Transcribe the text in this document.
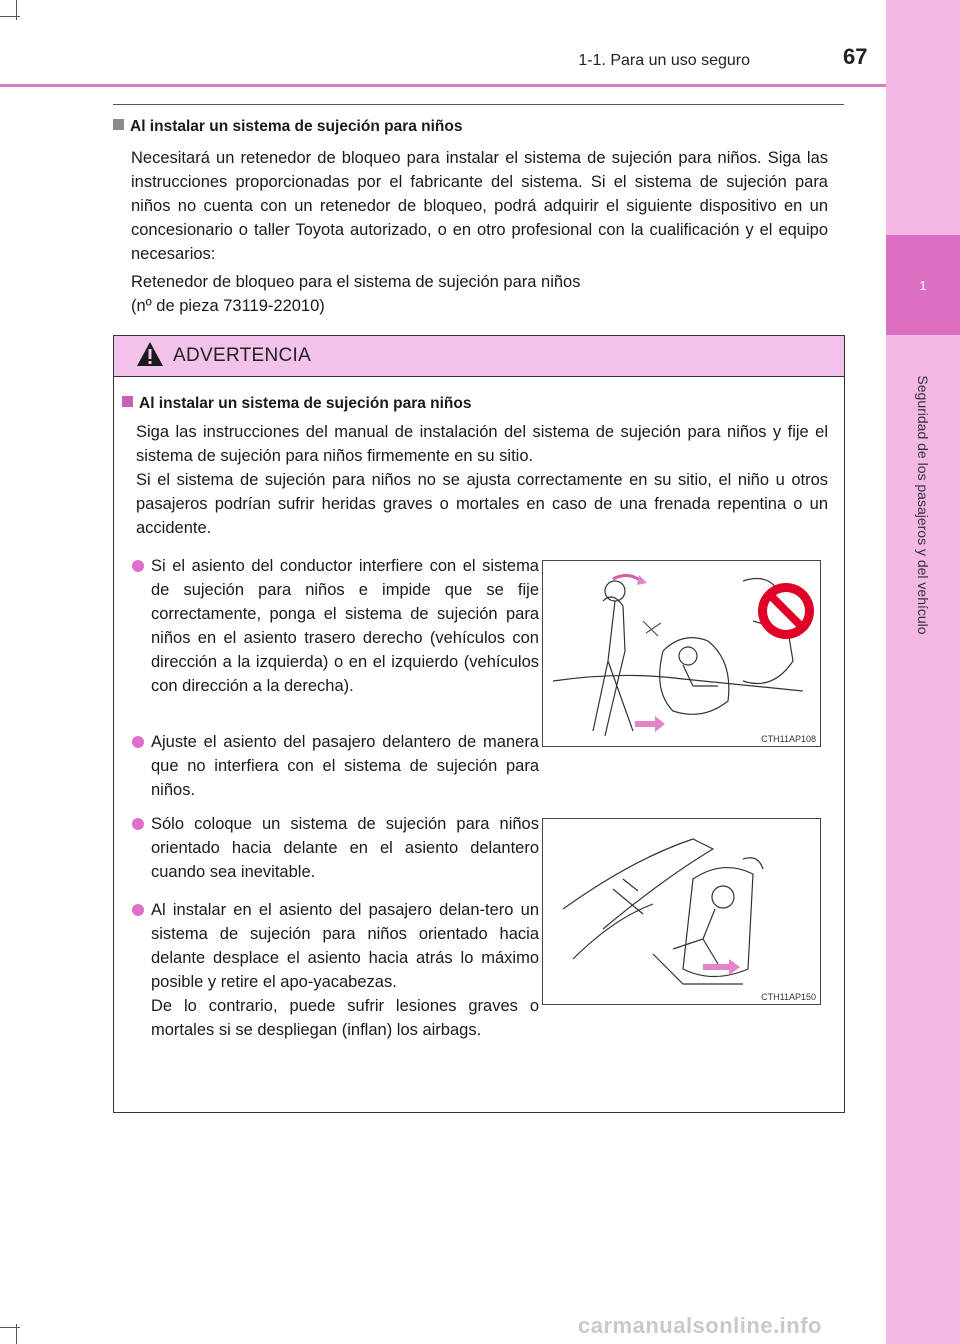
1
Seguridad de los pasajeros y del vehículo
1-1. Para un uso seguro	67
Al instalar un sistema de sujeción para niños

Necesitará un retenedor de bloqueo para instalar el sistema de sujeción para niños. Siga las instrucciones proporcionadas por el fabricante del sistema. Si el sistema de sujeción para niños no cuenta con un retenedor de bloqueo, podrá adquirir el siguiente dispositivo en un concesionario o taller Toyota autorizado, o en otro profesional con la cualificación y el equipo necesarios:

Retenedor de bloqueo para el sistema de sujeción para niños
(nº de pieza 73119-22010)

ADVERTENCIA
Al instalar un sistema de sujeción para niños

Siga las instrucciones del manual de instalación del sistema de sujeción para niños y fije el sistema de sujeción para niños firmemente en su sitio.
Si el sistema de sujeción para niños no se ajusta correctamente en su sitio, el niño u otros pasajeros podrían sufrir heridas graves o mortales en caso de una frenada repentina o un accidente.

Si el asiento del conductor interfiere con el sistema de sujeción para niños e impide que se fije correctamente, ponga el sistema de sujeción para niños en el asiento trasero derecho (vehículos con dirección a la izquierda) o en el izquierdo (vehículos con dirección a la derecha).

Ajuste el asiento del pasajero delantero de manera que no interfiera con el sistema de sujeción para niños.

CTH11AP108

Sólo coloque un sistema de sujeción para niños orientado hacia delante en el asiento delantero cuando sea inevitable.

Al instalar en el asiento del pasajero delan-tero un sistema de sujeción para niños orientado hacia delante desplace el asiento hacia atrás lo máximo posible y retire el apo-yacabezas.
De lo contrario, puede sufrir lesiones graves o mortales si se despliegan (inflan) los airbags.

CTH11AP150
carmanualsonline.info
